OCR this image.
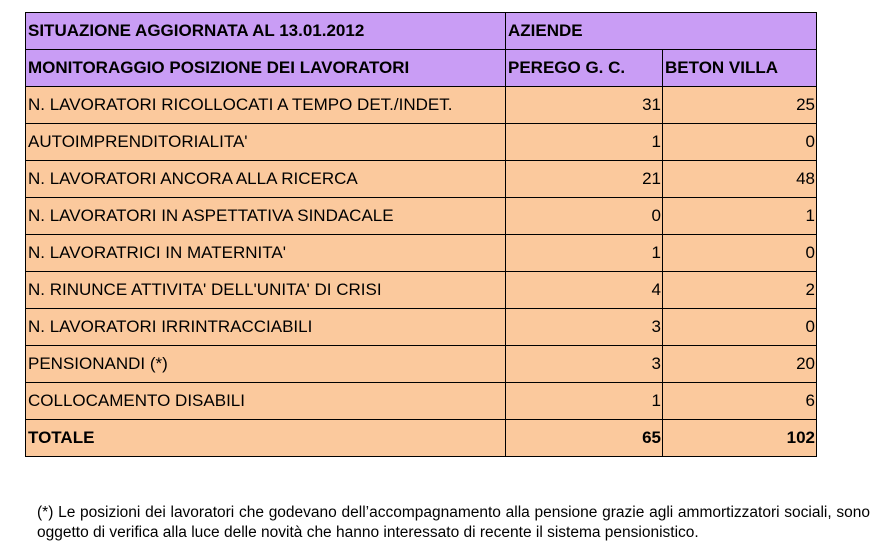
SITUAZIONE AGGIORNATA AL 13.01.2012	AZIENDE	
MONITORAGGIO POSIZIONE DEI LAVORATORI	PEREGO G. C.	BETON VILLA
N. LAVORATORI RICOLLOCATI A TEMPO DET./INDET.	31	25
AUTOIMPRENDITORIALITA'	1	0
N. LAVORATORI ANCORA ALLA RICERCA	21	48
N. LAVORATORI IN ASPETTATIVA SINDACALE	0	1
N. LAVORATRICI IN MATERNITA'	1	0
N. RINUNCE ATTIVITA' DELL'UNITA' DI CRISI	4	2
N. LAVORATORI IRRINTRACCIABILI	3	0
PENSIONANDI (*)	3	20
COLLOCAMENTO DISABILI	1	6
TOTALE	65	102

(*) Le posizioni dei lavoratori che godevano dell’accompagnamento alla pensione grazie agli ammortizzatori sociali, sono oggetto di verifica alla luce delle novità che hanno interessato di recente il sistema pensionistico.
